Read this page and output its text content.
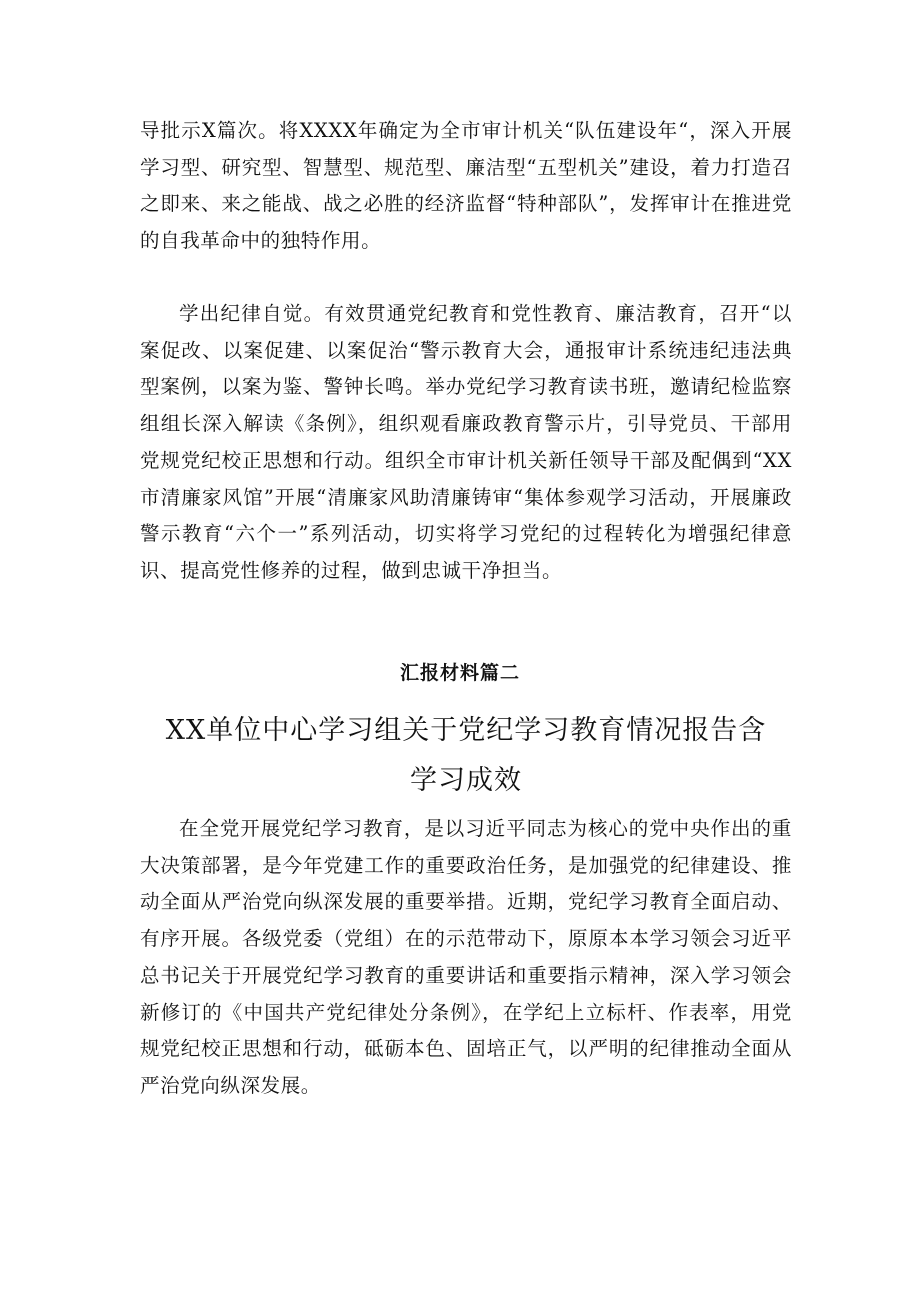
导批示X篇次。将XXXX年确定为全市审计机关“队伍建设年“，深入开展学习型、研究型、智慧型、规范型、廉洁型“五型机关”建设，着力打造召之即来、来之能战、战之必胜的经济监督“特种部队”，发挥审计在推进党的自我革命中的独特作用。

学出纪律自觉。有效贯通党纪教育和党性教育、廉洁教育，召开“以案促改、以案促建、以案促治“警示教育大会，通报审计系统违纪违法典型案例，以案为鉴、警钟长鸣。举办党纪学习教育读书班，邀请纪检监察组组长深入解读《条例》，组织观看廉政教育警示片，引导党员、干部用党规党纪校正思想和行动。组织全市审计机关新任领导干部及配偶到“XX市清廉家风馆”开展“清廉家风助清廉铸审“集体参观学习活动，开展廉政警示教育“六个一”系列活动，切实将学习党纪的过程转化为增强纪律意识、提高党性修养的过程，做到忠诚干净担当。

汇报材料篇二
XX单位中心学习组关于党纪学习教育情况报告含
学习成效

在全党开展党纪学习教育，是以习近平同志为核心的党中央作出的重大决策部署，是今年党建工作的重要政治任务，是加强党的纪律建设、推动全面从严治党向纵深发展的重要举措。近期，党纪学习教育全面启动、有序开展。各级党委（党组）在的示范带动下，原原本本学习领会习近平总书记关于开展党纪学习教育的重要讲话和重要指示精神，深入学习领会新修订的《中国共产党纪律处分条例》，在学纪上立标杆、作表率，用党规党纪校正思想和行动，砥砺本色、固培正气，以严明的纪律推动全面从严治党向纵深发展。
